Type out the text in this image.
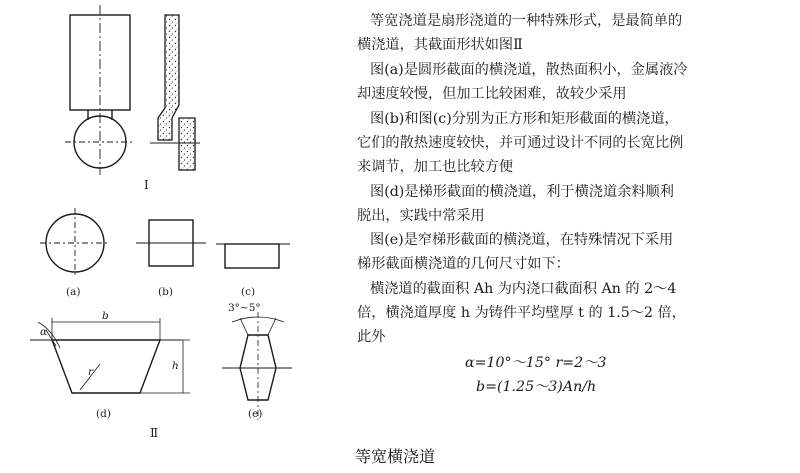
Ⅰ
(a)	(b)	(c)
3°~5°
α
b
h
r
(d)	(e)
Ⅱ
等宽浇道是扇形浇道的一种特殊形式，是最简单的
横浇道，其截面形状如图Ⅱ
图(a)是圆形截面的横浇道，散热面积小，金属液冷
却速度较慢，但加工比较困难，故较少采用
图(b)和图(c)分别为正方形和矩形截面的横浇道，
它们的散热速度较快，并可通过设计不同的长宽比例
来调节，加工也比较方便
图(d)是梯形截面的横浇道，利于横浇道余料顺利
脱出，实践中常采用
图(e)是窄梯形截面的横浇道，在特殊情况下采用
梯形截面横浇道的几何尺寸如下：
横浇道的截面积 Ah 为内浇口截面积 An 的 2～4
倍，横浇道厚度 h 为铸件平均壁厚 t 的 1.5～2 倍，
此外
α=10°～15° r=2～3
b=(1.25～3)An/h
等宽横浇道
